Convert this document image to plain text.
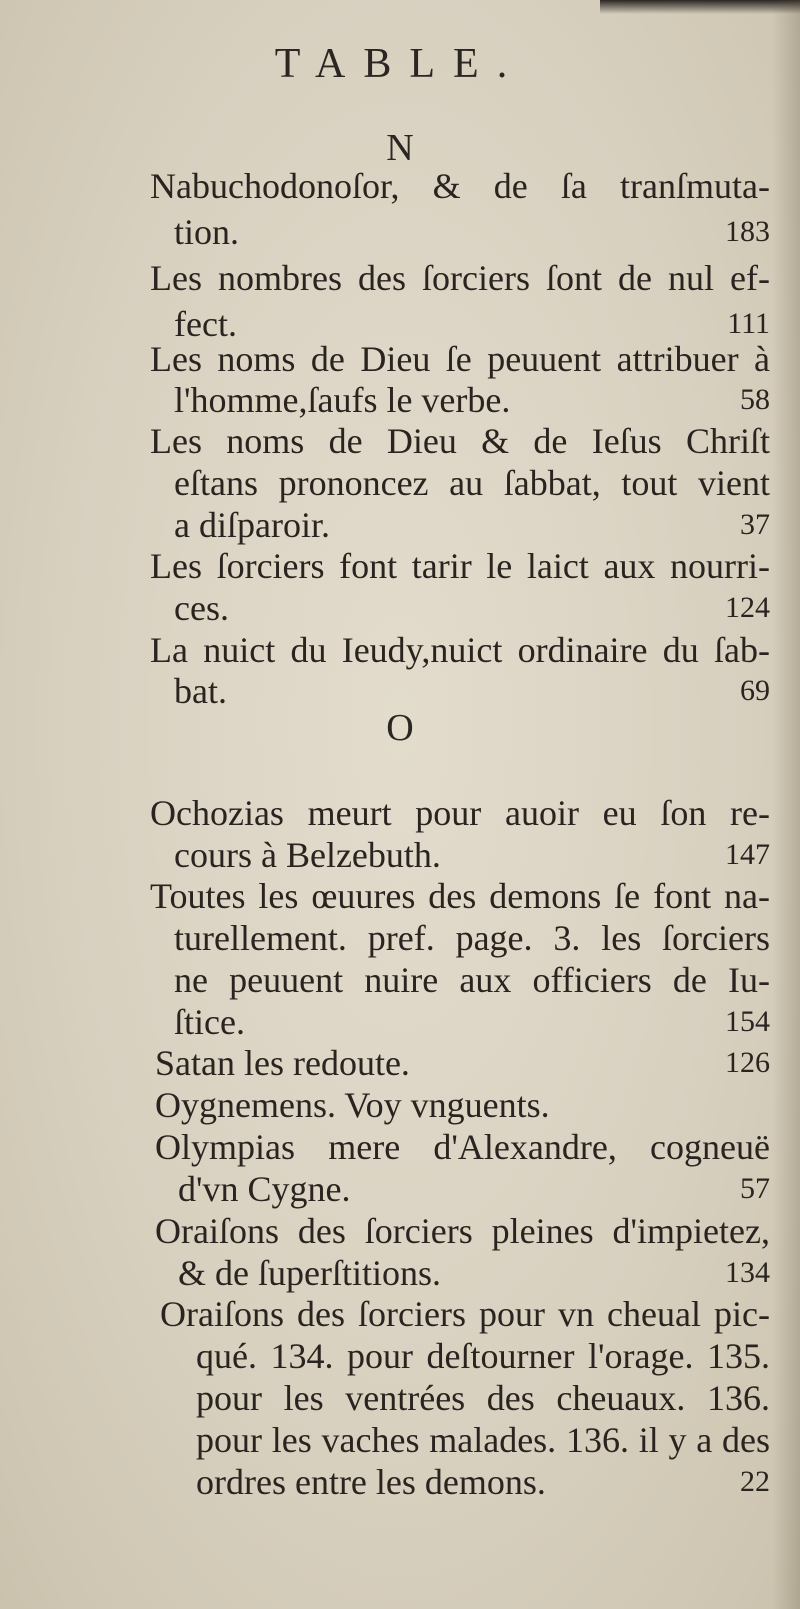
TABLE.
N
Nabuchodonoſor, & de ſa tranſmuta-
tion.	183
Les nombres des ſorciers ſont de nul ef-
fect.	111
Les noms de Dieu ſe peuuent attribuer à
l'homme,ſaufs le verbe.	58
Les noms de Dieu & de Ieſus Chriſt
eſtans prononcez au ſabbat, tout vient
a diſparoir.	37
Les ſorciers font tarir le laict aux nourri-
ces.	124
La nuict du Ieudy,nuict ordinaire du ſab-
bat.	69
O
Ochozias meurt pour auoir eu ſon re-
cours à Belzebuth.	147
Toutes les œuures des demons ſe font na-
turellement. pref. page. 3. les ſorciers
ne peuuent nuire aux officiers de Iu-
ſtice.	154
Satan les redoute.	126
Oygnemens. Voy vnguents.
Olympias mere d'Alexandre, cogneuë
d'vn Cygne.	57
Oraiſons des ſorciers pleines d'impietez,
& de ſuperſtitions.	134
Oraiſons des ſorciers pour vn cheual pic-
qué. 134. pour deſtourner l'orage. 135.
pour les ventrées des cheuaux. 136.
pour les vaches malades. 136. il y a des
ordres entre les demons.	22
